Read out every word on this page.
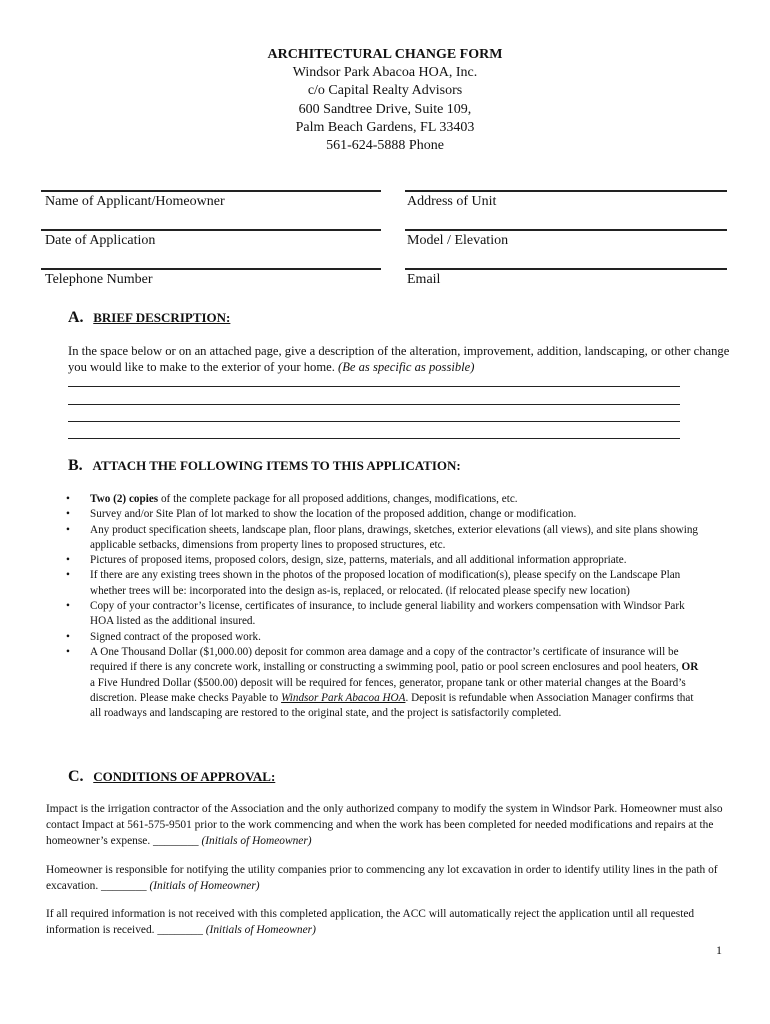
ARCHITECTURAL CHANGE FORM
Windsor Park Abacoa HOA, Inc.
c/o Capital Realty Advisors
600 Sandtree Drive, Suite 109,
Palm Beach Gardens, FL 33403
561-624-5888 Phone
Name of Applicant/Homeowner	Address of Unit
Date of Application	Model / Elevation
Telephone Number	Email
A. BRIEF DESCRIPTION:
In the space below or on an attached page, give a description of the alteration, improvement, addition, landscaping, or other change you would like to make to the exterior of your home. (Be as specific as possible)
B. ATTACH THE FOLLOWING ITEMS TO THIS APPLICATION:
• Two (2) copies of the complete package for all proposed additions, changes, modifications, etc.
• Survey and/or Site Plan of lot marked to show the location of the proposed addition, change or modification.
• Any product specification sheets, landscape plan, floor plans, drawings, sketches, exterior elevations (all views), and site plans showing applicable setbacks, dimensions from property lines to proposed structures, etc.
• Pictures of proposed items, proposed colors, design, size, patterns, materials, and all additional information appropriate.
• If there are any existing trees shown in the photos of the proposed location of modification(s), please specify on the Landscape Plan whether trees will be: incorporated into the design as-is, replaced, or relocated. (if relocated please specify new location)
• Copy of your contractor’s license, certificates of insurance, to include general liability and workers compensation with Windsor Park HOA listed as the additional insured.
• Signed contract of the proposed work.
• A One Thousand Dollar ($1,000.00) deposit for common area damage and a copy of the contractor’s certificate of insurance will be required if there is any concrete work, installing or constructing a swimming pool, patio or pool screen enclosures and pool heaters, OR a Five Hundred Dollar ($500.00) deposit will be required for fences, generator, propane tank or other material changes at the Board’s discretion. Please make checks Payable to Windsor Park Abacoa HOA. Deposit is refundable when Association Manager confirms that all roadways and landscaping are restored to the original state, and the project is satisfactorily completed.
C. CONDITIONS OF APPROVAL:
Impact is the irrigation contractor of the Association and the only authorized company to modify the system in Windsor Park. Homeowner must also contact Impact at 561-575-9501 prior to the work commencing and when the work has been completed for needed modifications and repairs at the homeowner’s expense. ________ (Initials of Homeowner)
Homeowner is responsible for notifying the utility companies prior to commencing any lot excavation in order to identify utility lines in the path of excavation. ________ (Initials of Homeowner)
If all required information is not received with this completed application, the ACC will automatically reject the application until all requested information is received. ________ (Initials of Homeowner)
1
